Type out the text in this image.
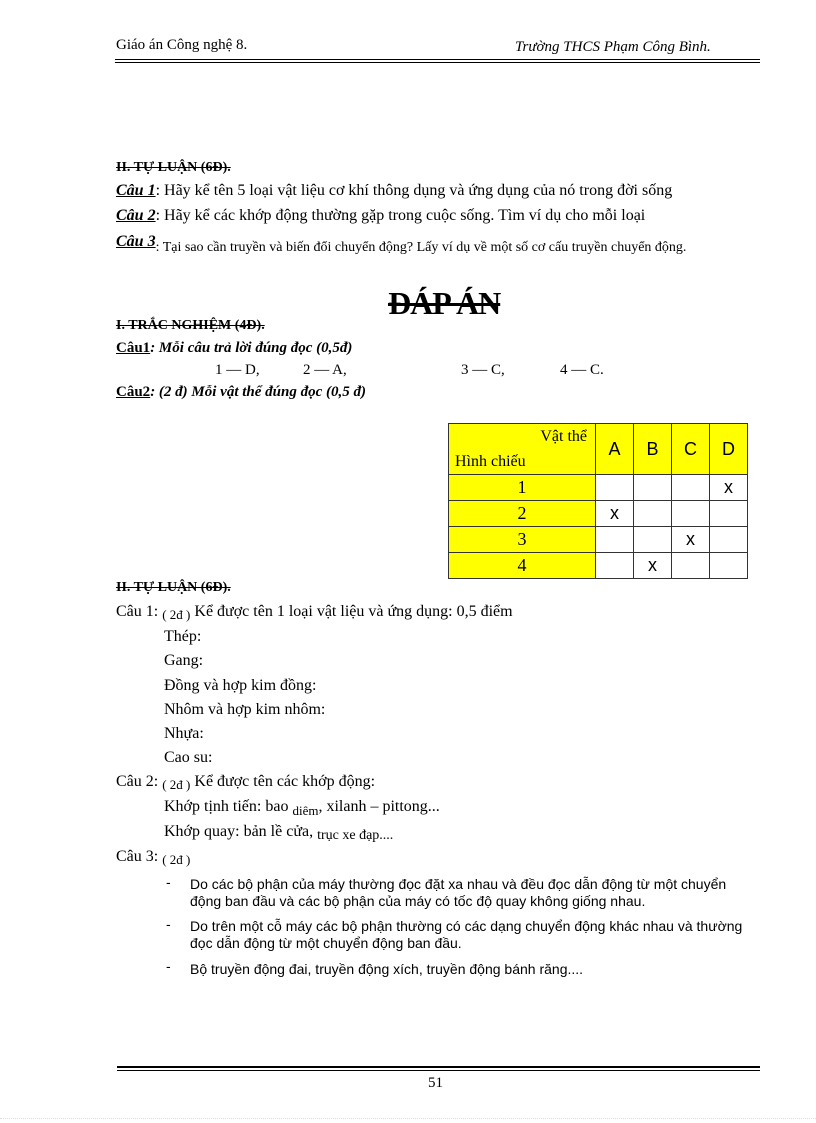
Giáo án Công nghệ 8.	Trường THCS Phạm Công Bình.
II. TỰ LUẬN (6Đ).
Câu 1: Hãy kể tên 5 loại vật liệu cơ khí thông dụng và ứng dụng của nó trong đời sống
Câu 2: Hãy kể các khớp động thường gặp trong cuộc sống. Tìm ví dụ cho mỗi loại
Câu 3: Tại sao cần truyền và biến đổi chuyển động? Lấy ví dụ về một số cơ cấu truyền chuyển động.
ĐÁP ÁN
I. TRẮC NGHIỆM (4Đ).
Câu1: Mỗi câu trả lời đúng đọc (0,5đ)
1 — D,	2 — A,	3 — C,	4 — C.
Câu2: (2 đ) Mỗi vật thể đúng đọc (0,5 đ)
Vật thể
Hình chiếu	A	B	C	D
1				x
2	x			
3			x	
4		x		
II. TỰ LUẬN (6Đ).
Câu 1: ( 2đ ) Kể được tên 1 loại vật liệu và ứng dụng: 0,5 điểm
Thép:
Gang:
Đồng và hợp kim đồng:
Nhôm và hợp kim nhôm:
Nhựa:
Cao su:
Câu 2: ( 2đ ) Kể được tên các khớp động:
Khớp tịnh tiến: bao $_{diêm}$, xilanh – pittong...
Khớp quay: bản lề cửa, trục xe đạp....
Câu 3: ( 2đ )
- Do các bộ phận của máy thường đọc đặt xa nhau và đều đọc dẫn động từ một chuyển
động ban đầu và các bộ phận của máy có tốc độ quay không giống nhau.
- Do trên một cỗ máy các bộ phận thường có các dạng chuyển động khác nhau và thường
đọc dẫn động từ một chuyển động ban đầu.
- Bộ truyền động đai, truyền động xích, truyền động bánh răng....
51
